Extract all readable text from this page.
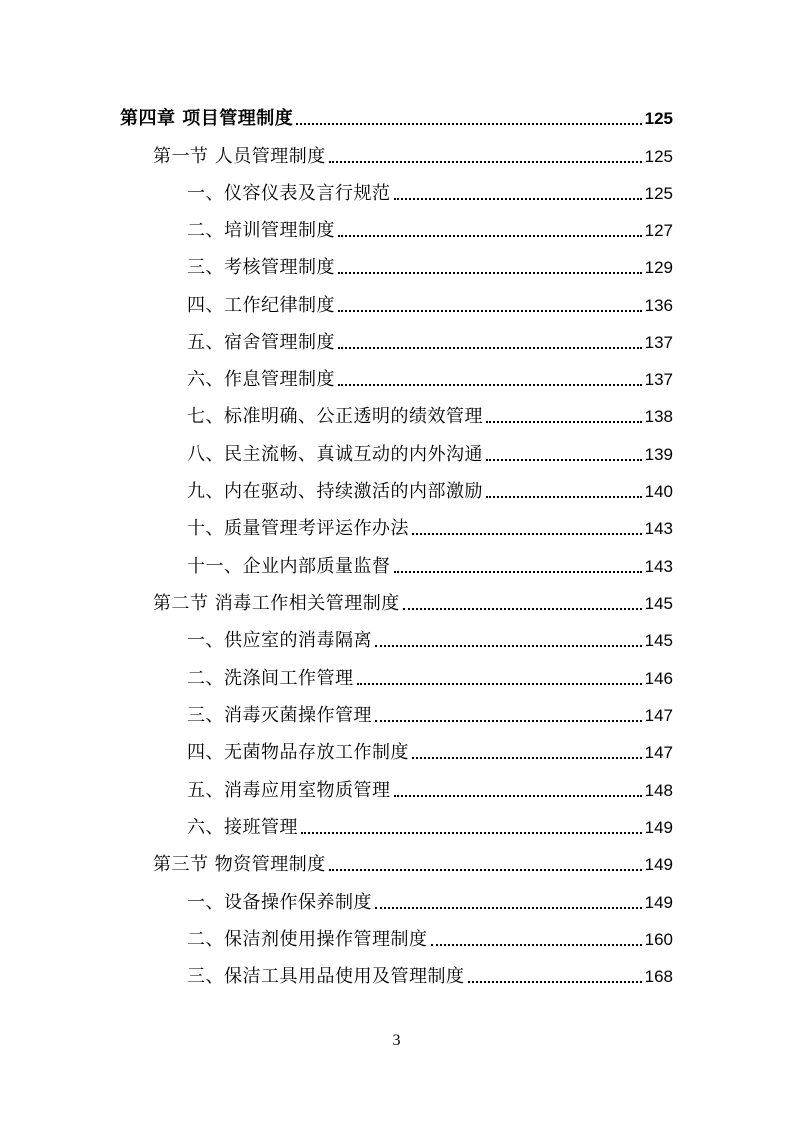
第四章 项目管理制度	125
第一节 人员管理制度	125
一、仪容仪表及言行规范	125
二、培训管理制度	127
三、考核管理制度	129
四、工作纪律制度	136
五、宿舍管理制度	137
六、作息管理制度	137
七、标准明确、公正透明的绩效管理	138
八、民主流畅、真诚互动的内外沟通	139
九、内在驱动、持续激活的内部激励	140
十、质量管理考评运作办法	143
十一、企业内部质量监督	143
第二节 消毒工作相关管理制度	145
一、供应室的消毒隔离	145
二、洗涤间工作管理	146
三、消毒灭菌操作管理	147
四、无菌物品存放工作制度	147
五、消毒应用室物质管理	148
六、接班管理	149
第三节 物资管理制度	149
一、设备操作保养制度	149
二、保洁剂使用操作管理制度	160
三、保洁工具用品使用及管理制度	168
3
